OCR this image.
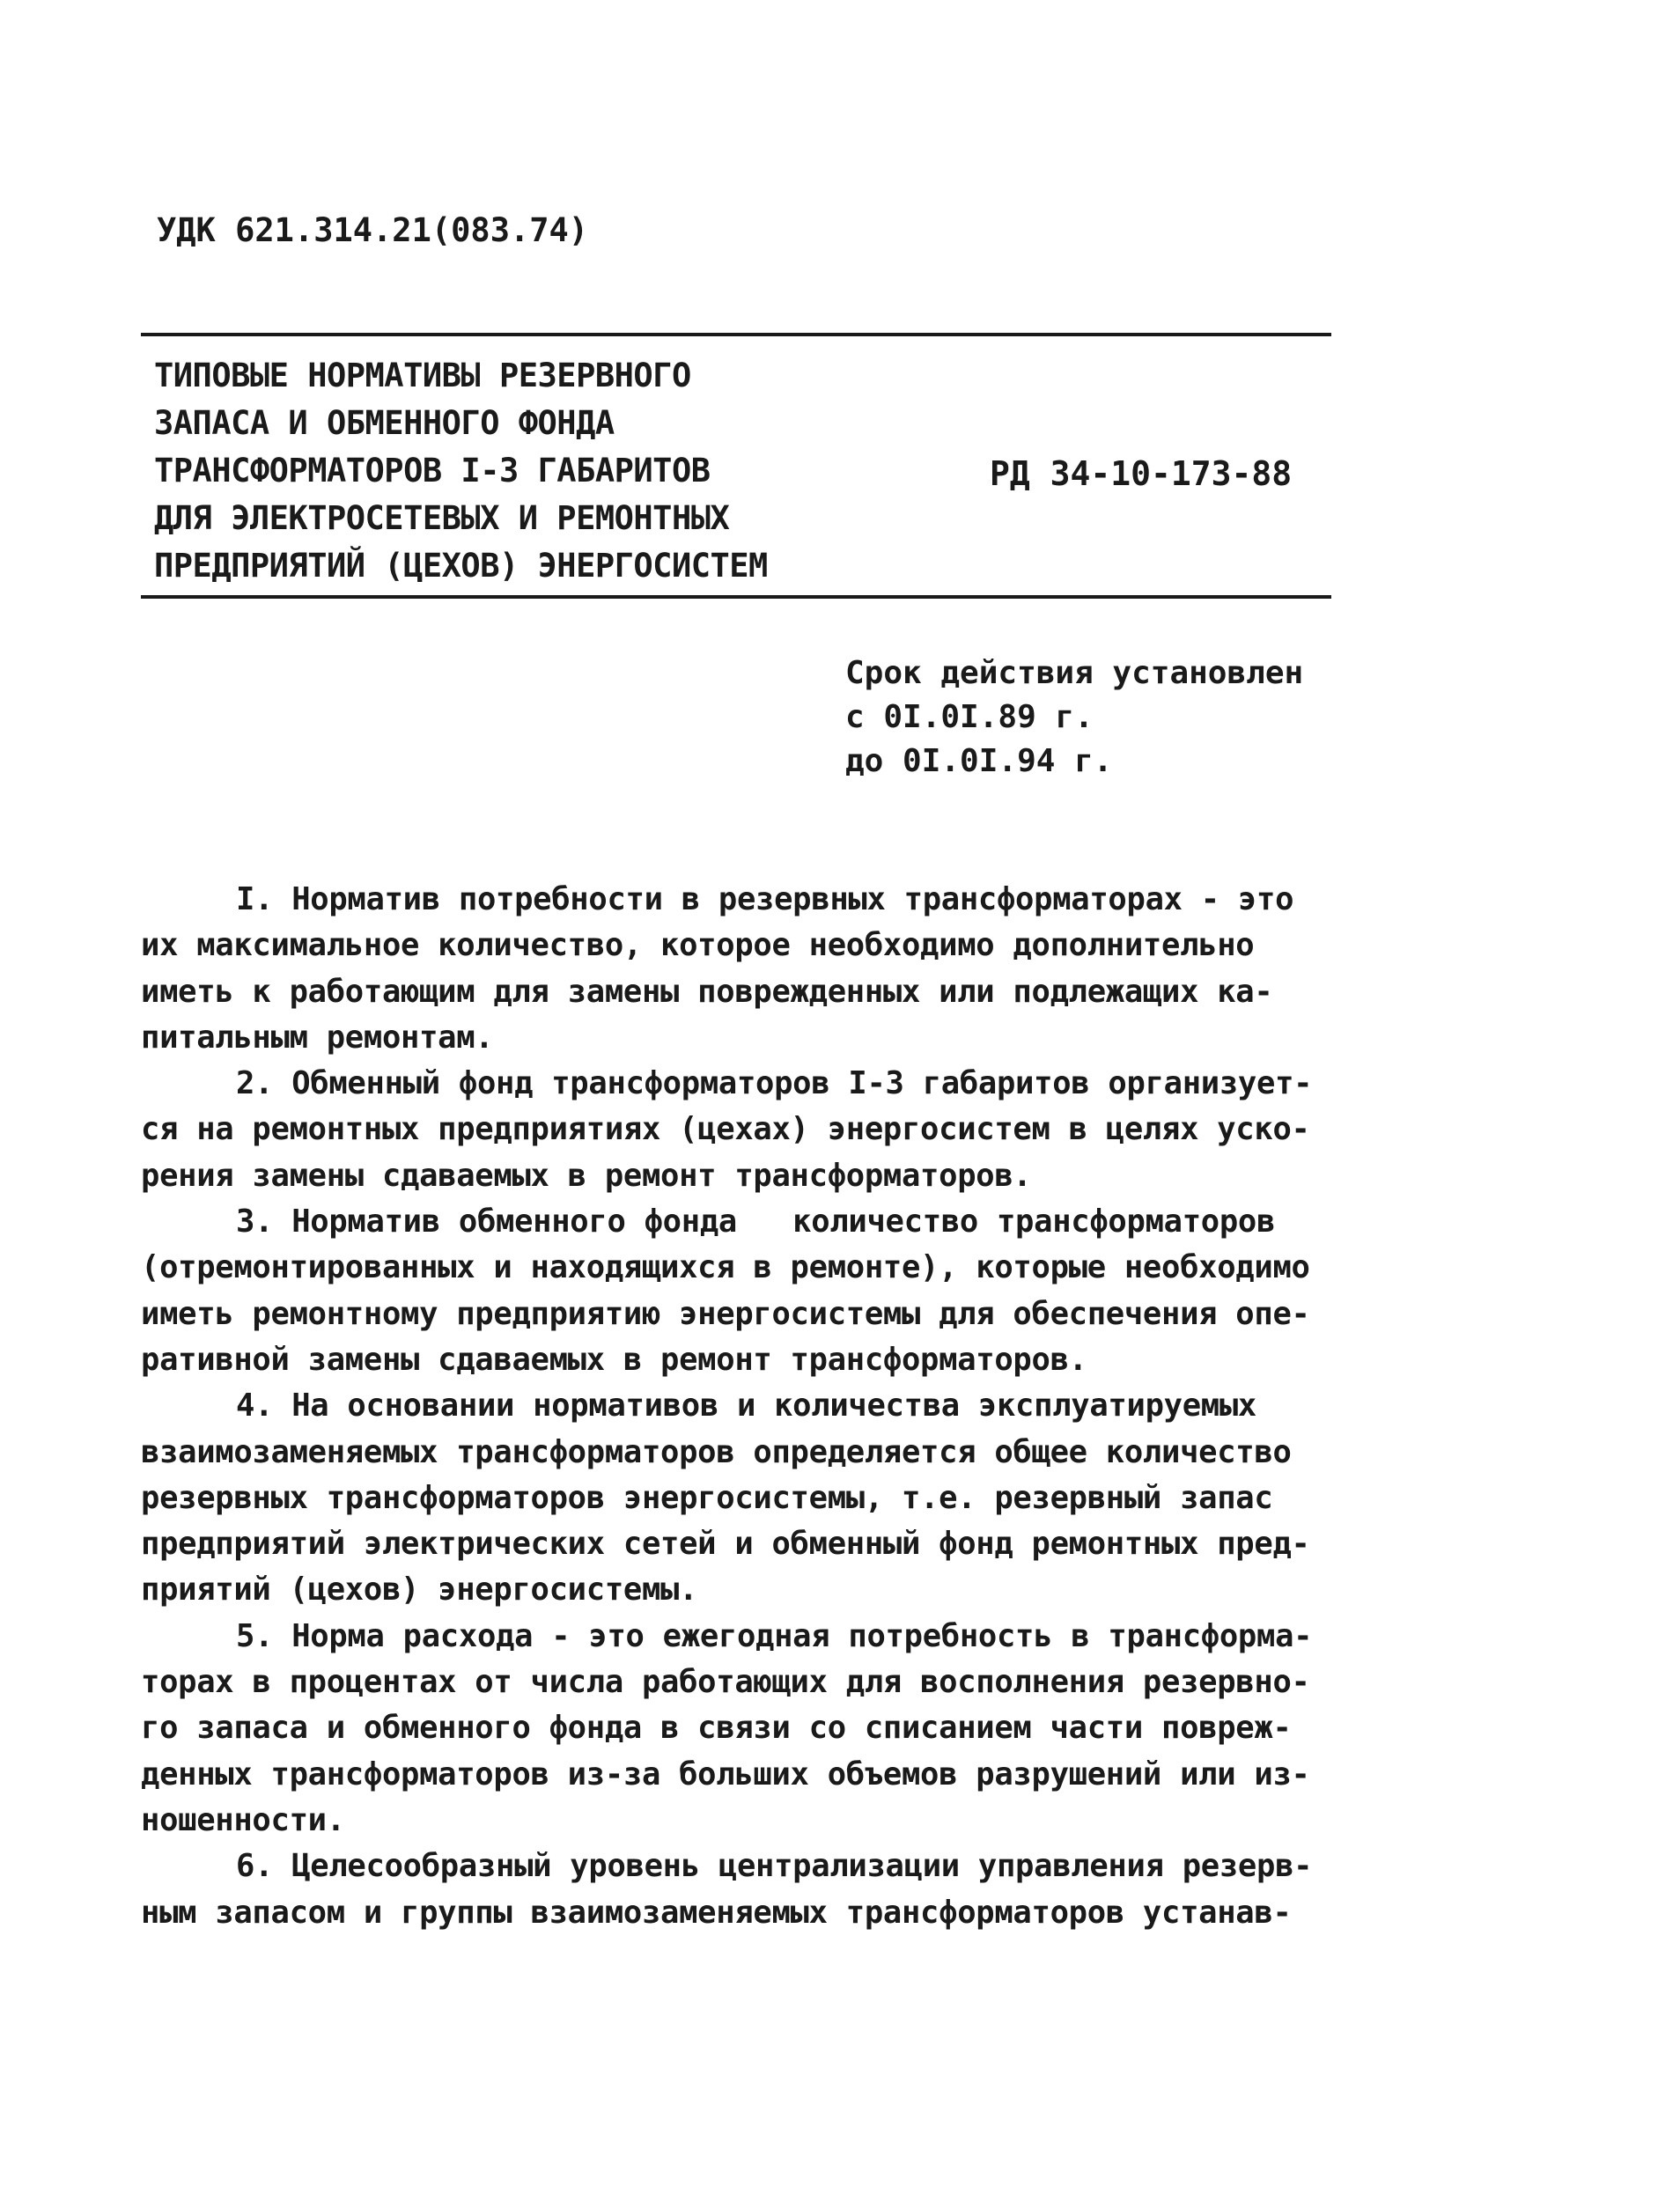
УДК 621.314.21(083.74)
ТИПОВЫЕ НОРМАТИВЫ РЕЗЕРВНОГО
ЗАПАСА И ОБМЕННОГО ФОНДА
ТРАНСФОРМАТОРОВ I-3 ГАБАРИТОВ
ДЛЯ ЭЛЕКТРОСЕТЕВЫХ И РЕМОНТНЫХ
ПРЕДПРИЯТИЙ (ЦЕХОВ) ЭНЕРГОСИСТЕМ
РД 34-10-173-88
Срок действия установлен
с 0I.0I.89 г.
до 0I.0I.94 г.
I. Норматив потребности в резервных трансформаторах - это
их максимальное количество, которое необходимо дополнительно
иметь к работающим для замены поврежденных или подлежащих ка-
питальным ремонтам.
2. Обменный фонд трансформаторов I-3 габаритов организует-
ся на ремонтных предприятиях (цехах) энергосистем в целях уско-
рения замены сдаваемых в ремонт трансформаторов.
3. Норматив обменного фонда   количество трансформаторов
(отремонтированных и находящихся в ремонте), которые необходимо
иметь ремонтному предприятию энергосистемы для обеспечения опе-
ративной замены сдаваемых в ремонт трансформаторов.
4. На основании нормативов и количества эксплуатируемых
взаимозаменяемых трансформаторов определяется общее количество
резервных трансформаторов энергосистемы, т.е. резервный запас
предприятий электрических сетей и обменный фонд ремонтных пред-
приятий (цехов) энергосистемы.
5. Норма расхода - это ежегодная потребность в трансформа-
торах в процентах от числа работающих для восполнения резервно-
го запаса и обменного фонда в связи со списанием части повреж-
денных трансформаторов из-за больших объемов разрушений или из-
ношенности.
6. Целесообразный уровень централизации управления резерв-
ным запасом и группы взаимозаменяемых трансформаторов устанав-
